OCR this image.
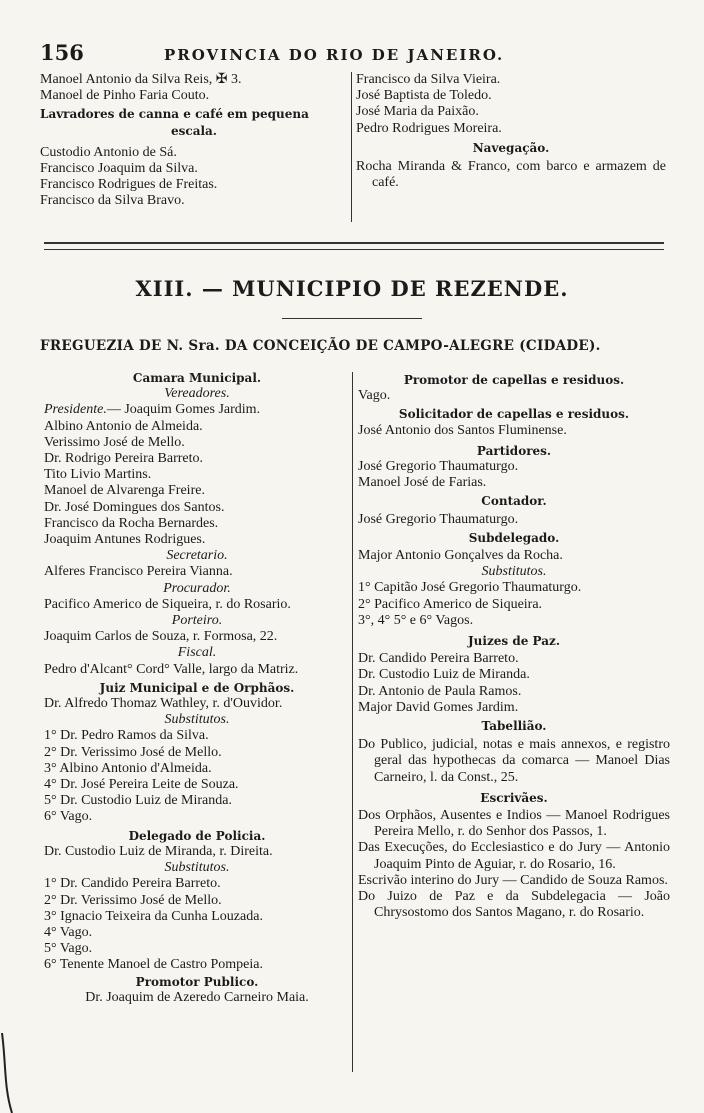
156	PROVINCIA DO RIO DE JANEIRO.
Manoel Antonio da Silva Reis, ✠ 3.
Manoel de Pinho Faria Couto.
Lavradores de canna e café em pequena
escala.
Custodio Antonio de Sá.
Francisco Joaquim da Silva.
Francisco Rodrigues de Freitas.
Francisco da Silva Bravo.
Francisco da Silva Vieira.
José Baptista de Toledo.
José Maria da Paixão.
Pedro Rodrigues Moreira.
Navegação.
Rocha Miranda & Franco, com barco e armazem de café.
XIII. — MUNICIPIO DE REZENDE.
FREGUEZIA DE N. Sra. DA CONCEIÇÃO DE CAMPO-ALEGRE (CIDADE).
Camara Municipal.
Vereadores.
Presidente.— Joaquim Gomes Jardim.
Albino Antonio de Almeida.
Verissimo José de Mello.
Dr. Rodrigo Pereira Barreto.
Tito Livio Martins.
Manoel de Alvarenga Freire.
Dr. José Domingues dos Santos.
Francisco da Rocha Bernardes.
Joaquim Antunes Rodrigues.
Secretario.
Alferes Francisco Pereira Vianna.
Procurador.
Pacifico Americo de Siqueira, r. do Rosario.
Porteiro.
Joaquim Carlos de Souza, r. Formosa, 22.
Fiscal.
Pedro d'Alcant° Cord° Valle, largo da Matriz.
Juiz Municipal e de Orphãos.
Dr. Alfredo Thomaz Wathley, r. d'Ouvidor.
Substitutos.
1° Dr. Pedro Ramos da Silva.
2° Dr. Verissimo José de Mello.
3° Albino Antonio d'Almeida.
4° Dr. José Pereira Leite de Souza.
5° Dr. Custodio Luiz de Miranda.
6° Vago.
Delegado de Policia.
Dr. Custodio Luiz de Miranda, r. Direita.
Substitutos.
1° Dr. Candido Pereira Barreto.
2° Dr. Verissimo José de Mello.
3° Ignacio Teixeira da Cunha Louzada.
4° Vago.
5° Vago.
6° Tenente Manoel de Castro Pompeia.
Promotor Publico.
Dr. Joaquim de Azeredo Carneiro Maia.
Promotor de capellas e residuos.
Vago.
Solicitador de capellas e residuos.
José Antonio dos Santos Fluminense.
Partidores.
José Gregorio Thaumaturgo.
Manoel José de Farias.
Contador.
José Gregorio Thaumaturgo.
Subdelegado.
Major Antonio Gonçalves da Rocha.
Substitutos.
1° Capitão José Gregorio Thaumaturgo.
2° Pacifico Americo de Siqueira.
3°, 4° 5° e 6° Vagos.
Juizes de Paz.
Dr. Candido Pereira Barreto.
Dr. Custodio Luiz de Miranda.
Dr. Antonio de Paula Ramos.
Major David Gomes Jardim.
Tabellião.
Do Publico, judicial, notas e mais annexos, e registro geral das hypothecas da comarca — Manoel Dias Carneiro, l. da Const., 25.
Escrivães.
Dos Orphãos, Ausentes e Indios — Manoel Rodrigues Pereira Mello, r. do Senhor dos Passos, 1.
Das Execuções, do Ecclesiastico e do Jury — Antonio Joaquim Pinto de Aguiar, r. do Rosario, 16.
Escrivão interino do Jury — Candido de Souza Ramos.
Do Juizo de Paz e da Subdelegacia — João Chrysostomo dos Santos Magano, r. do Rosario.
